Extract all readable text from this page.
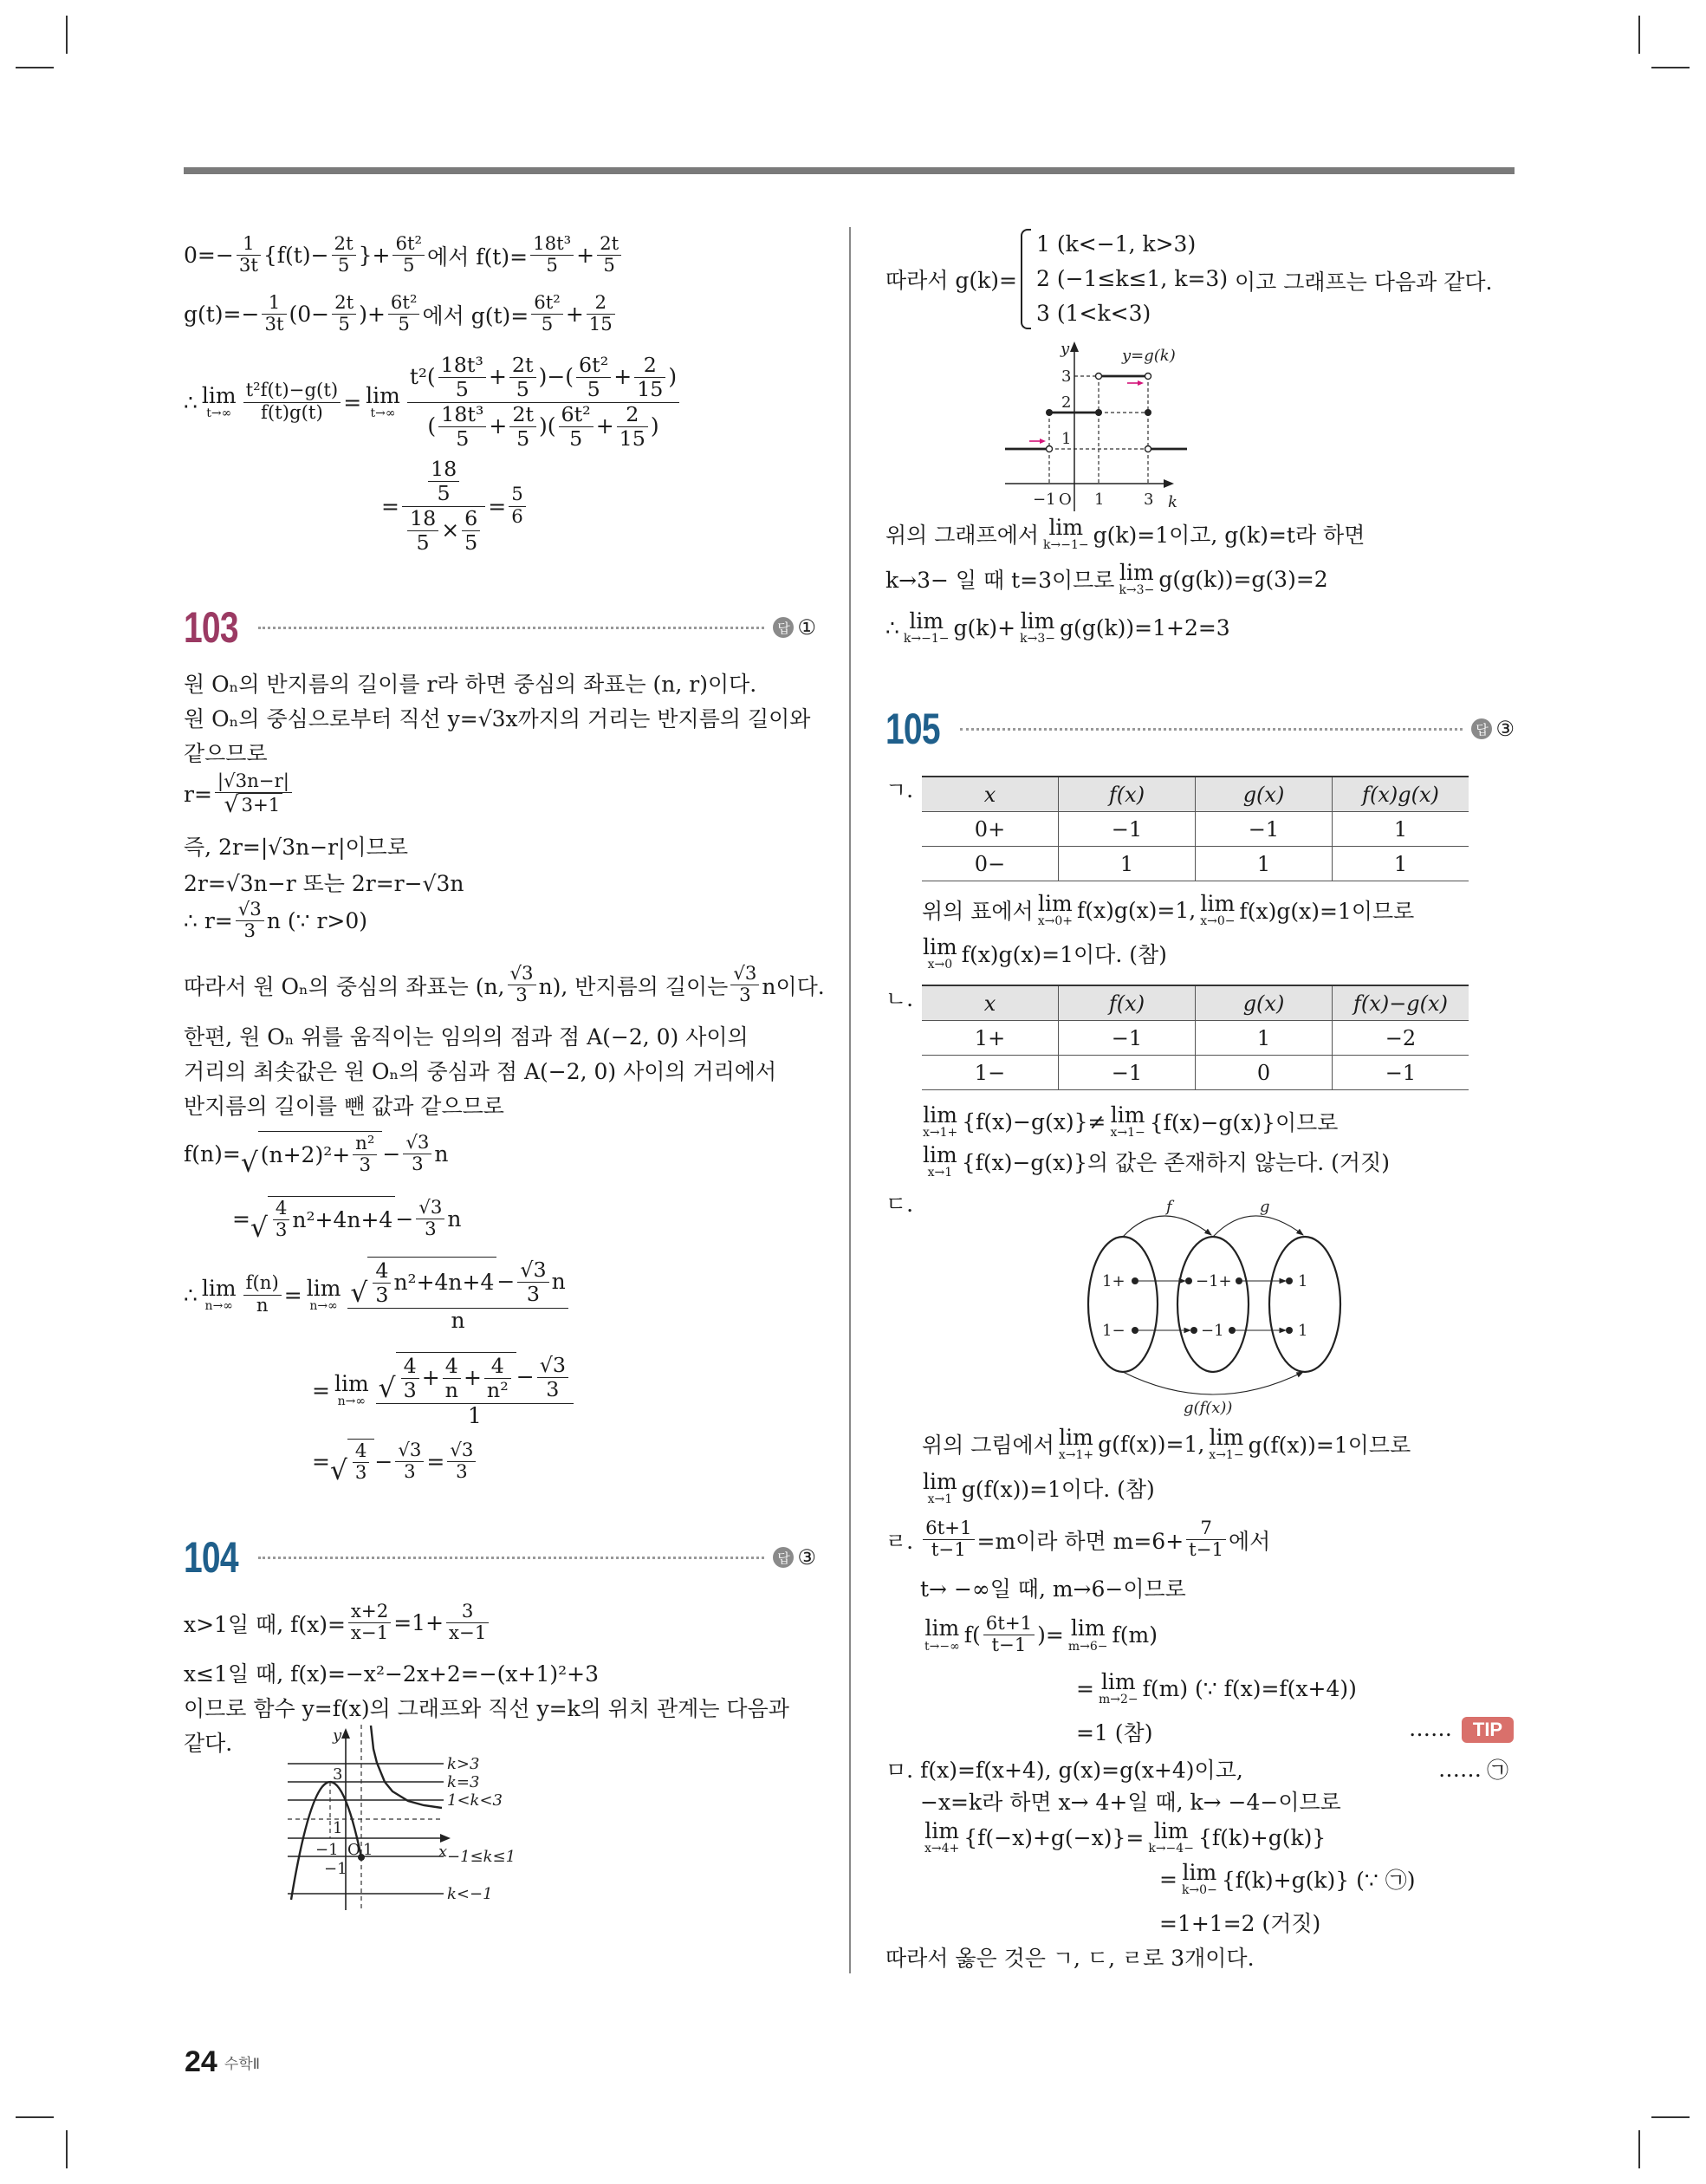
$0=- \frac{1}{3t} \{f(t)- \frac{2t}{5}$ }+ $\frac{\text{6t²}}{5}$ 에서 $f(t)= \frac{\text{18t³}}{5} + \frac{2t}{5}$
$g(t)=- \frac{1}{3t} (0- \frac{2t}{5}$ )+ $\frac{\text{6t²}}{5}$ 에서 $g(t)= \frac{\text{6t²}}{5} + \frac{2}{15}$
∴ lim
$t\to\infty \frac{\text{t²f(t)−g(t)}}{f(t)g(t)} = \lim$
$t\to\infty \frac{t^2( \frac{\text{18t³}}{5} + \frac{2t}{5} )-( \frac{\text{6t²}}{5} + \frac{2}{15} )}{( \frac{\text{18t³}}{5} + \frac{2t}{5} )( \frac{\text{6t²}}{5} + \frac{2}{15} )}$
= $\frac{\frac{18}{5}}{\frac{18}{5} \times \frac{6}{5}} = \frac{5}{6}$
103	답 ①
원 Oₙ의 반지름의 길이를 r라 하면 중심의 좌표는 (n, r)이다.
원 Oₙ의 중심으로부터 직선 y=√3x까지의 거리는 반지름의 길이와
같으므로
$r= \frac{|√3n-r|}{√ 3+1}$
즉, 2r=|√3n−r|이므로
2r=√3n−r 또는 2r=r−√3n
∴ $r= \frac{√3}{3}$ n (∵ r>0)
따라서 원 Oₙ의 중심의 좌표는 (n, $\frac{√3}{3} n$), 반지름의 길이는 $\frac{√3}{3}$ n이다.
한편, 원 Oₙ 위를 움직이는 임의의 점과 점 A(−2, 0) 사이의
거리의 최솟값은 원 Oₙ의 중심과 점 A(−2, 0) 사이의 거리에서
반지름의 길이를 뺀 값과 같으므로
f(n)= √ $(n+2)^2+ \frac{\text{n²}}{3} - \frac{√3}{3}$ n
= √ $\frac{4}{3} n^2+4n+4 - \frac{√3}{3}$ n
∴ lim
$n\to\infty \frac{f(n)}{n} = \lim$
$n\to\infty \frac{√ \frac{4}{3} n^2+4n+4 - \frac{√3}{3} n}{n}$
= lim
$n\to\infty \frac{√ \frac{4}{3} + \frac{4}{n} + \frac{4}{\text{n²}} - \frac{√3}{3}}{1}$
= √ $\frac{4}{3} - \frac{√3}{3} = \frac{√3}{3}$
104	답 ③
x>1일 때, $f(x)= \frac{x+2}{x-1} =1+ \frac{3}{x-1}$
x≤1일 때, f(x)=−x²−2x+2=−(x+1)²+3
이므로 함수 y=f(x)의 그래프와 직선 y=k의 위치 관계는 다음과
같다.	y
x
3
1
−1
O
−1 1
k>3
k=3
1<k<3
−1≤k≤1
k<−1
24 수학Ⅱ
따라서 g(k)=
1 (k<−1, k>3)
2 (−1≤k≤1, k=3)
3 (1<k<3)
이고 그래프는 다음과 같다.
y	y=g(k)
3
2
1
−1 O 1	3 k
위의 그래프에서 lim
k→−1− g(k)=1이고, g(k)=t라 하면
k→3− 일 때 t=3이므로 lim
k→3− g(g(k))=g(3)=2
∴ lim
k→−1− g(k)+ lim
k→3− g(g(k))=1+2=3
105	답 ③
ㄱ.	x	f(x)	g(x)	f(x)g(x)
0+	−1	−1	1
0−	1	1	1
위의 표에서 lim
x→0+ f(x)g(x)=1, lim
x→0− f(x)g(x)=1이므로
lim
x→0 f(x)g(x)=1이다. (참)
ㄴ.	x	f(x)	g(x)	f(x)−g(x)
1+	−1	1	−2
1−	−1	0	−1
lim
x→1+ {f(x)−g(x)}≠ lim
x→1− {f(x)−g(x)}이므로
lim
x→1 {f(x)−g(x)}의 값은 존재하지 않는다. (거짓)
ㄷ.	f	g
g(f(x))
1+
1−
−1+
−1
1
1
위의 그림에서 lim
x→1+ g(f(x))=1, lim
x→1− g(f(x))=1이므로
lim
x→1 g(f(x))=1이다. (참)
ㄹ. $\frac{6t+1}{t-1} =m$이라 하면 $m=6+ \frac{7}{t-1}$ 에서
t→ −∞일 때, m→6−이므로
lim
t→−∞ $f( \frac{6t+1}{t-1}$ )= lim
m→6− f(m)
= lim
m→2− f(m) (∵ f(x)=f(x+4))
=1 (참)	……	TIP
ㅁ. f(x)=f(x+4), g(x)=g(x+4)이고,	…… ㉠
−x=k라 하면 x→ 4+일 때, k→ −4−이므로
lim
x→4+ {f(−x)+g(−x)}= lim
k→−4− {f(k)+g(k)}
= lim
k→0− {f(k)+g(k)} (∵ ㉠)
=1+1=2 (거짓)
따라서 옳은 것은 ㄱ, ㄷ, ㄹ로 3개이다.
